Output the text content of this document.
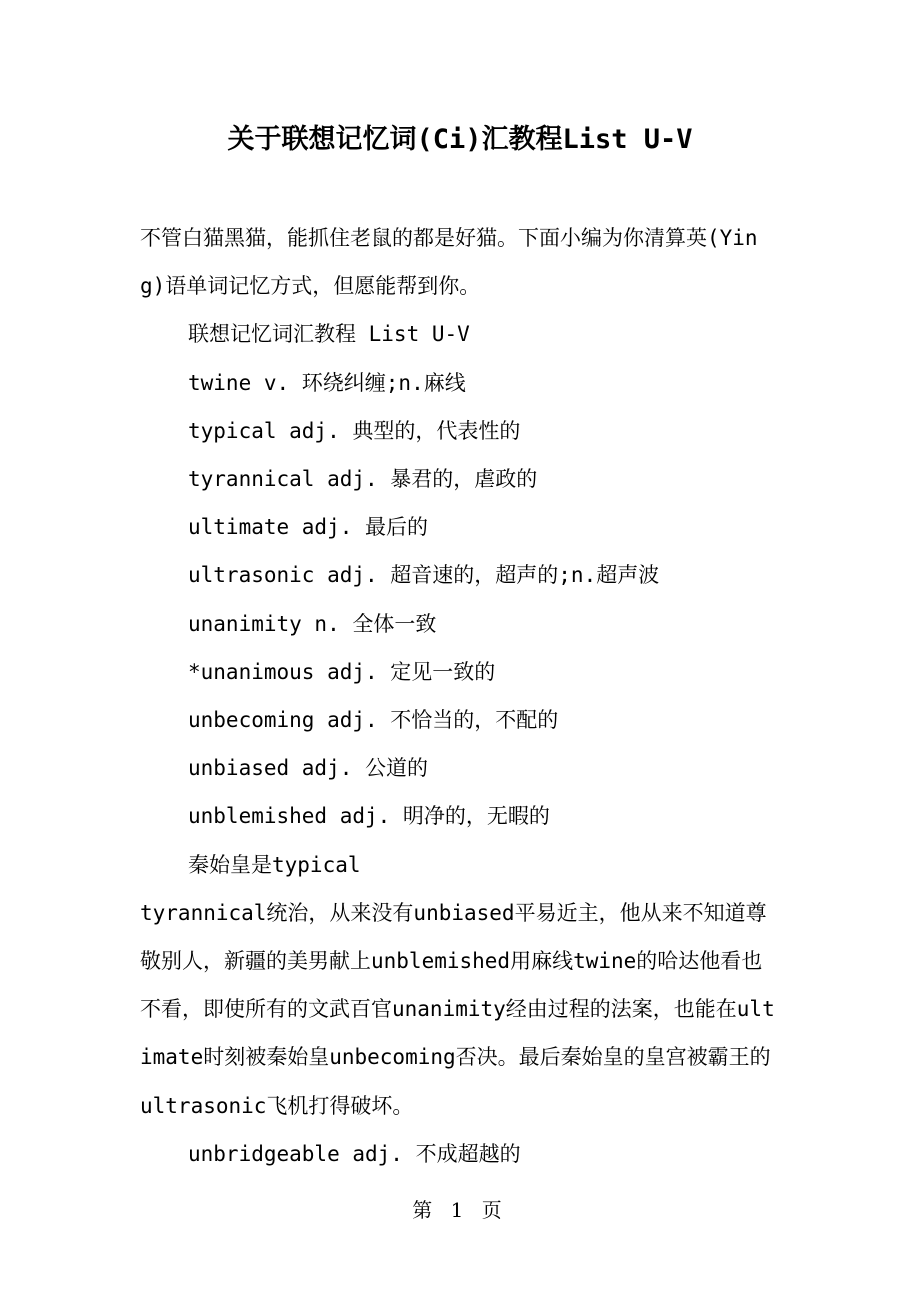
关于联想记忆词(Ci)汇教程List U-V

不管白猫黑猫，能抓住老鼠的都是好猫。下面小编为你清算英(Ying)语单词记忆方式，但愿能帮到你。

联想记忆词汇教程 List U-V

twine v. 环绕纠缠;n.麻线

typical adj. 典型的，代表性的

tyrannical adj. 暴君的，虐政的

ultimate adj. 最后的

ultrasonic adj. 超音速的，超声的;n.超声波

unanimity n. 全体一致

*unanimous adj. 定见一致的

unbecoming adj. 不恰当的，不配的

unbiased adj. 公道的

unblemished adj. 明净的，无暇的

秦始皇是typical

tyrannical统治，从来没有unbiased平易近主，他从来不知道尊敬别人，新疆的美男献上unblemished用麻线twine的哈达他看也不看，即使所有的文武百官unanimity经由过程的法案，也能在ultimate时刻被秦始皇unbecoming否决。最后秦始皇的皇宫被霸王的ultrasonic飞机打得破坏。

unbridgeable adj. 不成超越的

第 1 页
